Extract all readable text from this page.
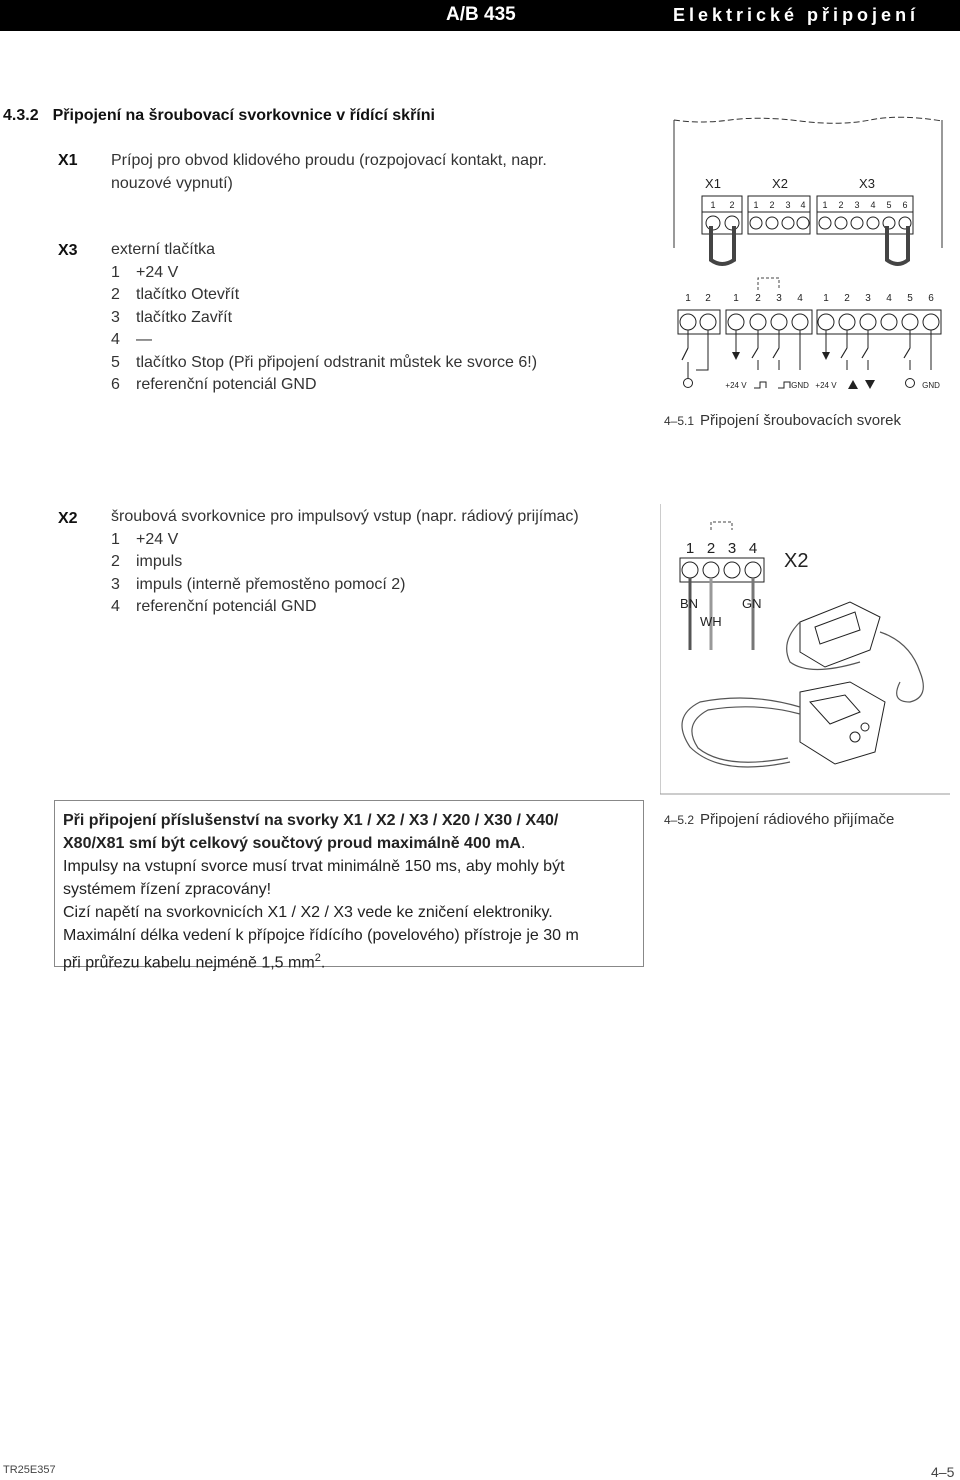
A/B 435	Elektrické připojení
4.3.2 Připojení na šroubovací svorkovnice v řídící skříni
X1 Prípoj pro obvod klidového proudu (rozpojovací kontakt, napr.
nouzové vypnutí)
X3 externí tlačítka
1 +24 V
2 tlačítko Otevřít
3 tlačítko Zavřít
4 —
5 tlačítko Stop (Při připojení odstranit můstek ke svorce 6!)
6 referenční potenciál GND
X1	X2	X3
1 2 1 2 3 4 1 2 3 4 5 6
1 2 1 2 3 4 1 2 3 4 5 6
+24 V	GND +24 V	GND
4–5.1 Připojení šroubovacích svorek
X2 šroubová svorkovnice pro impulsový vstup (napr. rádiový prijímac)
1 +24 V
2 impuls
3 impuls (interně přemostěno pomocí 2)
4 referenční potenciál GND
1 2 3 4
X2
BN	GN
WH
4–5.2 Připojení rádiového přijímače

Při připojení příslušenství na svorky X1 / X2 / X3 / X20 / X30 / X40/

X80/X81 smí být celkový součtový proud maximálně 400 mA.

Impulsy na vstupní svorce musí trvat minimálně 150 ms, aby mohly být

systémem řízení zpracovány!

Cizí napětí na svorkovnicích X1 / X2 / X3 vede ke zničení elektroniky.

Maximální délka vedení k přípojce řídícího (povelového) přístroje je 30 m

při průřezu kabelu nejméně 1,5 $mm^2$.

TR25E357	4–5
